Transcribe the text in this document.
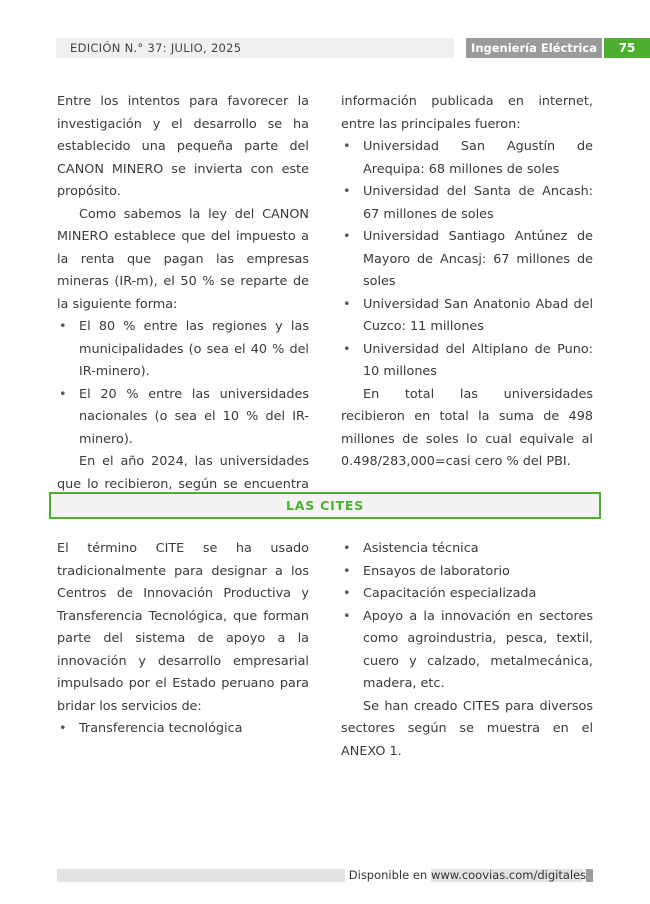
EDICIÓN N.° 37: JULIO, 2025	Ingeniería Eléctrica	75

Entre los intentos para favorecer la investigación y el desarrollo se ha establecido una pequeña parte del CANON MINERO se invierta con este propósito.

Como sabemos la ley del CANON MINERO establece que del impuesto a la renta que pagan las empresas mineras (IR-m), el 50 % se reparte de la siguiente forma:

• El 80 % entre las regiones y las municipalidades (o sea el 40 % del IR-minero).
• El 20 % entre las universidades nacionales (o sea el 10 % del IR-minero).

En el año 2024, las universidades que lo recibieron, según se encuentra

información publicada en internet, entre las principales fueron:

• Universidad San Agustín de Arequipa: 68 millones de soles
• Universidad del Santa de Ancash: 67 millones de soles
• Universidad Santiago Antúnez de Mayoro de Ancasj: 67 millones de soles
• Universidad San Anatonio Abad del Cuzco: 11 millones
• Universidad del Altiplano de Puno: 10 millones

En total las universidades recibieron en total la suma de 498 millones de soles lo cual equivale al 0.498/283,000=casi cero % del PBI.

LAS CITES

El término CITE se ha usado tradicionalmente para designar a los Centros de Innovación Productiva y Transferencia Tecnológica, que forman parte del sistema de apoyo a la innovación y desarrollo empresarial impulsado por el Estado peruano para bridar los servicios de:

• Transferencia tecnológica
• Asistencia técnica
• Ensayos de laboratorio
• Capacitación especializada
• Apoyo a la innovación en sectores como agroindustria, pesca, textil, cuero y calzado, metalmecánica, madera, etc.

Se han creado CITES para diversos sectores según se muestra en el ANEXO 1.

Disponible en www.coovias.com/digitales
